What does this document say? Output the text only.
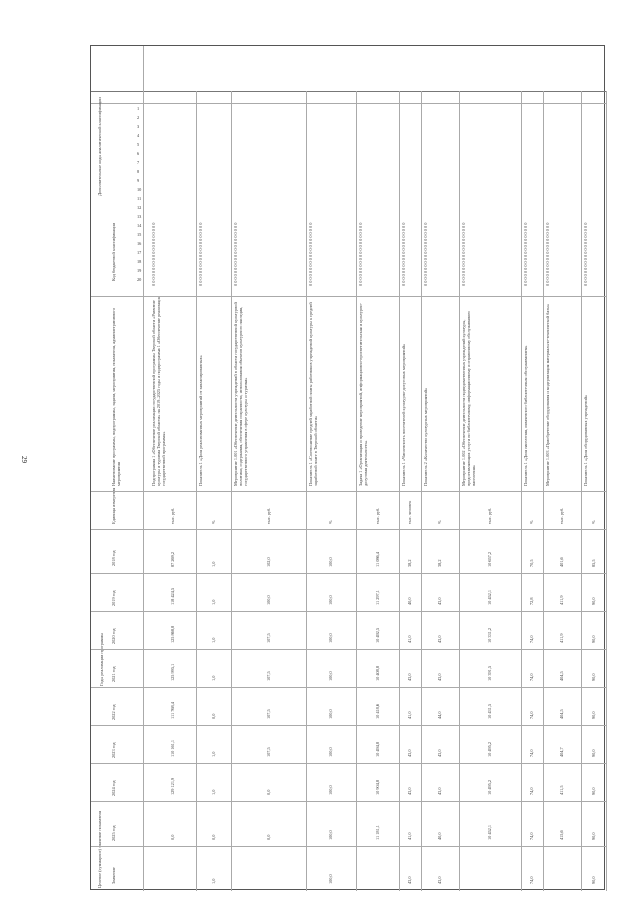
29
Код бюджетной классификации
Наименование программы, подпрограммы, задачи, мероприятия, показателя, административного мероприятия
Единица измерения
2018 год
2019 год
2020 год
2021 год
2022 год
2023 год
2024 год
2025 год
Значение
Годы реализации программы
Целевое (суммарное) значение показателя
Дополнительные коды аналитической классификации
0 0 0 0 0 0 0 0 0 0 0 0 0 0 0 0 0 0 0 0
Подпрограмма 1 «Обеспечение реализации государственной программы Тверской области «Развитие культуры и туризма Тверской области» на 2019–2025 годы и подпрограмма 1 «Обеспечение реализации государственной программы»
тыс. руб.
87 269,2
118 424,5
125 868,8
125 995,1
111 768,4
110 161,1
129 121,9
0,0
0 0 0 0 0 0 0 0 0 0 0 0 0 0 0 0 0 0 0 0
Показатель 1 «Доля реализованных мероприятий от запланированных»
%
1,0
1,0
1,0
1,0
0,0
1,0
1,0
0,0
1,0
0 0 0 0 0 0 0 0 0 0 0 0 0 0 0 0 0 0 0 0
Мероприятие 1.001 «Обеспечение деятельности учреждений в области государственной культурной политики, содержания, обеспечения сохранности, использования объектов культурного наследия, государственного управления в сфере культуры и туризма»
тыс. руб.
102,0
100,0
107,5
107,5
107,5
107,5
0,0
0,0
0 0 0 0 0 0 0 0 0 0 0 0 0 0 0 0 0 0 0 0
Показатель 1 «Соотношение средней заработной платы работников учреждений культуры к средней заработной плате в Тверской области»
%
100,0
100,0
100,0
100,0
100,0
100,0
100,0
100,0
100,0
0 0 0 0 0 0 0 0 0 0 0 0 0 0 0 0 0 0 0 0
Задача 1 «Организация и проведение мероприятий, информационно-просветительская и культурно-досуговая деятельность»
тыс. руб.
11 086,4
11 297,1
10 492,5
10 408,8
10 418,6
10 494,8
10 904,8
11 181,1
0 0 0 0 0 0 0 0 0 0 0 0 0 0 0 0 0 0 0 0
Показатель 1 «Численность посетителей культурно-досуговых мероприятий»
тыс. человек
38,2
40,0
41,0
43,0
41,0
43,0
43,0
41,0
43,0
0 0 0 0 0 0 0 0 0 0 0 0 0 0 0 0 0 0 0 0
Показатель 2 «Количество культурных мероприятий»
%
38,2
43,0
43,0
43,0
44,0
43,0
43,0
40,0
43,0
0 0 0 0 0 0 0 0 0 0 0 0 0 0 0 0 0 0 0 0
Мероприятие 1.002 «Обеспечение деятельности подведомственных учреждений культуры, предоставляющих услуги по библиотечному, информационному и справочному обслуживанию населения»
тыс. руб.
10 657,2
10 452,1
10 331,2
10 391,5
10 431,5
10 495,2
10 495,2
10 452,1
0 0 0 0 0 0 0 0 0 0 0 0 0 0 0 0 0 0 0 0
Показатель 1 «Доля населения, охваченного библиотечным обслуживанием»
%
70,5
72,8
74,0
74,0
74,0
74,0
74,0
74,0
74,0
0 0 0 0 0 0 0 0 0 0 0 0 0 0 0 0 0 0 0 0
Мероприятие 1.003 «Приобретение оборудования и модернизация материально-технической базы»
тыс. руб.
401,6
411,9
411,9
404,5
404,5
404,7
411,5
415,6
0 0 0 0 0 0 0 0 0 0 0 0 0 0 0 0 0 0 0 0
Показатель 1 «Доля оборудованных учреждений»
%
85,5
90,0
90,0
90,0
90,0
90,0
90,0
90,0
90,0
1
2
3
4
5
6
7
8
9
10
11
12
13
14
15
16
17
18
19
20
